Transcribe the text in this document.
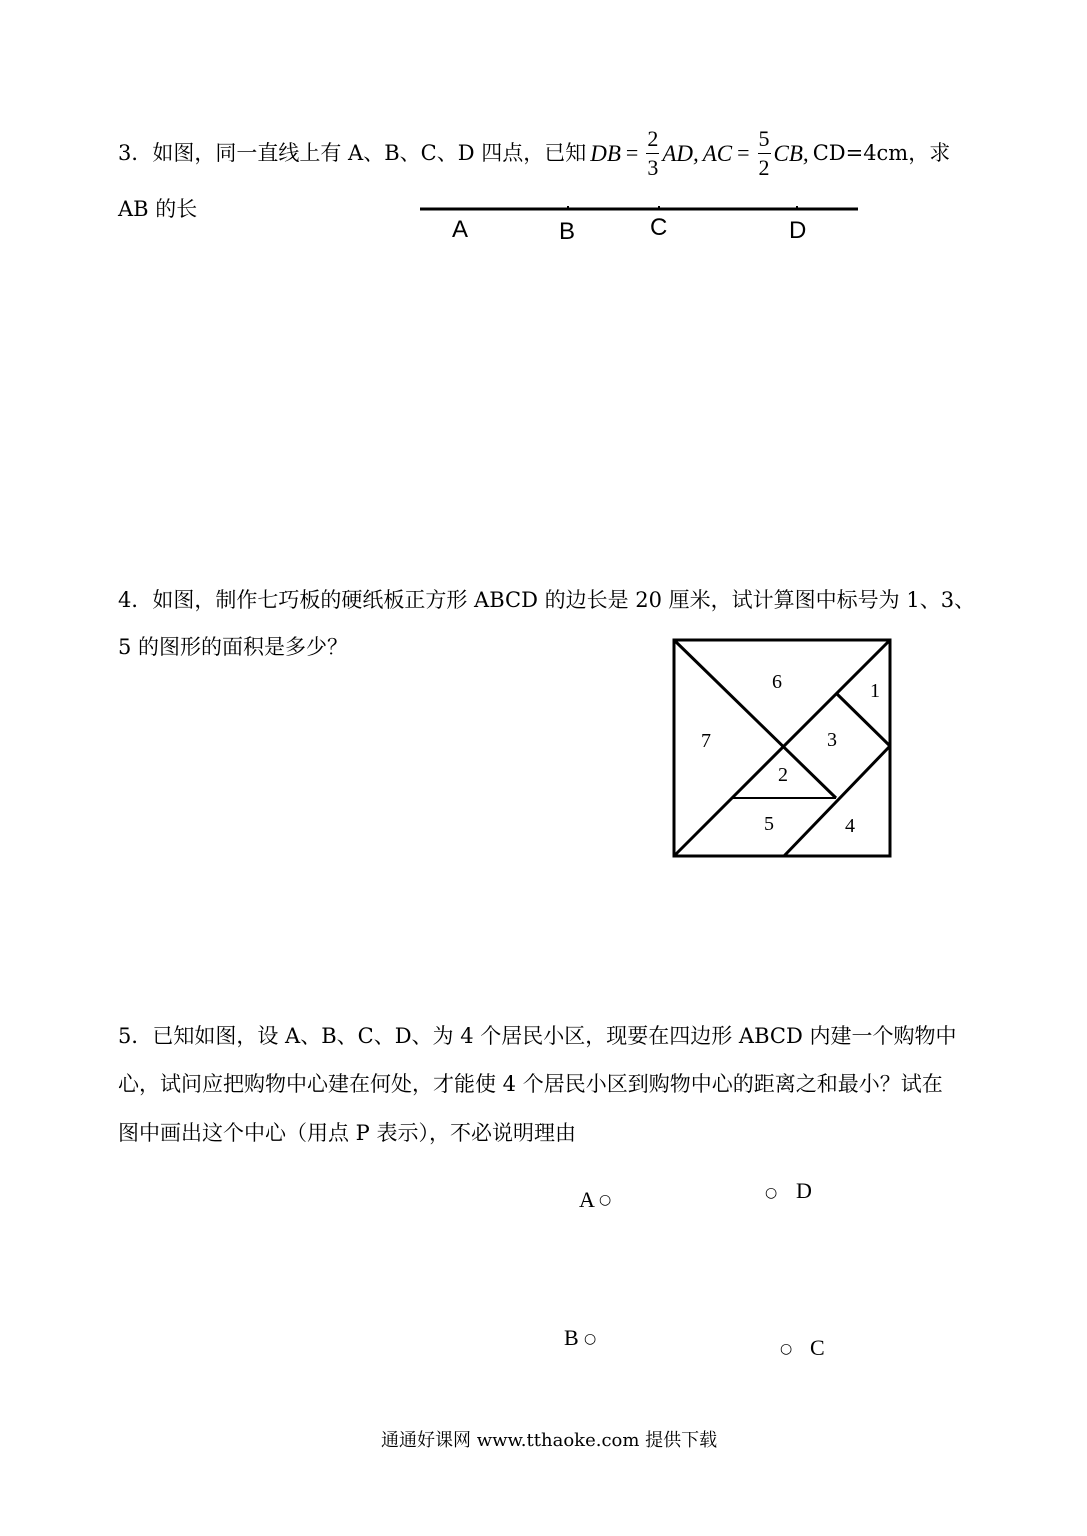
3．如图，同一直线上有 A、B、C、D 四点，已知 DB = $\frac{2}{3}$ AD, AC = $\frac{5}{2}$ CB, CD=4cm，求
AB 的长
A	B	C	D
4．如图，制作七巧板的硬纸板正方形 ABCD 的边长是 20 厘米，试计算图中标号为 1、3、
5 的图形的面积是多少？
1
2
3
4
5
6
7
5．已知如图，设 A、B、C、D、为 4 个居民小区，现要在四边形 ABCD 内建一个购物中
心，试问应把购物中心建在何处，才能使 4 个居民小区到购物中心的距离之和最小？试在
图中画出这个中心（用点 P 表示），不必说明理由
A ○	○ D
B ○
○ C
通通好课网 www.tthaoke.com 提供下载
